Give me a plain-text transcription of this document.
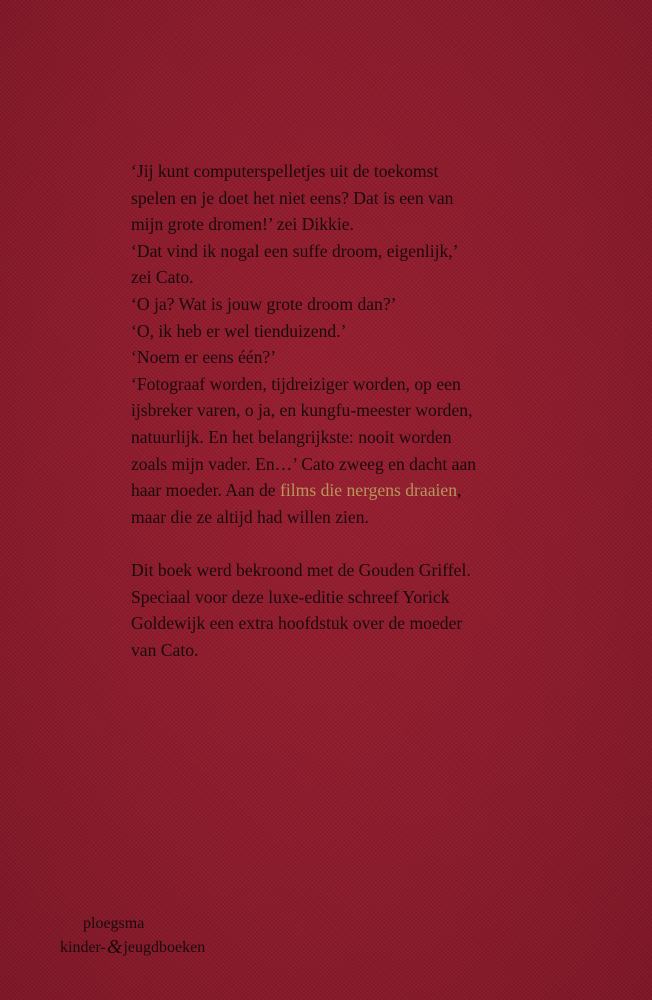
‘Jij kunt computerspelletjes uit de toekomst

spelen en je doet het niet eens? Dat is een van

mijn grote dromen!’ zei Dikkie.

‘Dat vind ik nogal een suffe droom, eigenlijk,’

zei Cato.

‘O ja? Wat is jouw grote droom dan?’

‘O, ik heb er wel tienduizend.’

‘Noem er eens één?’

‘Fotograaf worden, tijdreiziger worden, op een

ijsbreker varen, o ja, en kungfu-meester worden,

natuurlijk. En het belangrijkste: nooit worden

zoals mijn vader. En…’ Cato zweeg en dacht aan

haar moeder. Aan de films die nergens draaien,

maar die ze altijd had willen zien.

Dit boek werd bekroond met de Gouden Griffel.

Speciaal voor deze luxe-editie schreef Yorick

Goldewijk een extra hoofdstuk over de moeder

van Cato.

ploegsma
kinder-&jeugdboeken
